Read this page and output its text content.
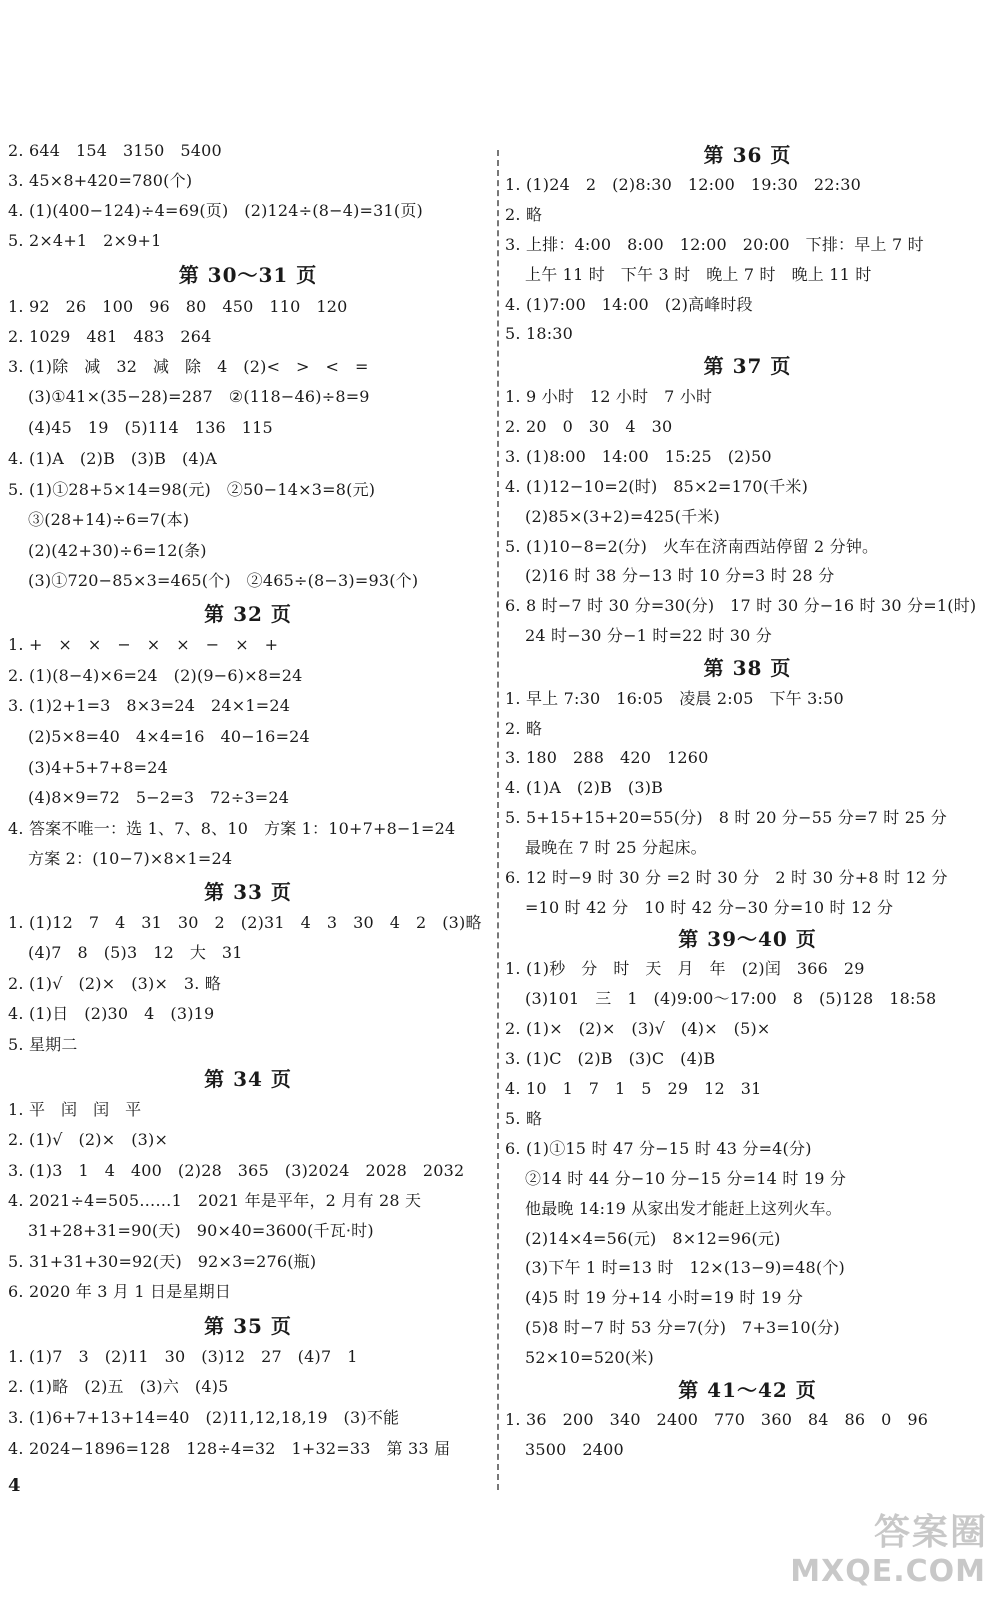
2. 644   154   3150   5400
3. 45×8+420=780(个)
4. (1)(400−124)÷4=69(页)   (2)124÷(8−4)=31(页)
5. 2×4+1   2×9+1
第 30～31 页
1. 92   26   100   96   80   450   110   120
2. 1029   481   483   264
3. (1)除   减   32   减   除   4   (2)<   >   <   =
(3)①41×(35−28)=287   ②(118−46)÷8=9
(4)45   19   (5)114   136   115
4. (1)A   (2)B   (3)B   (4)A
5. (1)①28+5×14=98(元)   ②50−14×3=8(元)
③(28+14)÷6=7(本)
(2)(42+30)÷6=12(条)
(3)①720−85×3=465(个)   ②465÷(8−3)=93(个)
第 32 页
1. +   ×   ×   −   ×   ×   −   ×   +
2. (1)(8−4)×6=24   (2)(9−6)×8=24
3. (1)2+1=3   8×3=24   24×1=24
(2)5×8=40   4×4=16   40−16=24
(3)4+5+7+8=24
(4)8×9=72   5−2=3   72÷3=24
4. 答案不唯一：选 1、7、8、10   方案 1：10+7+8−1=24
方案 2：(10−7)×8×1=24
第 33 页
1. (1)12   7   4   31   30   2   (2)31   4   3   30   4   2   (3)略
(4)7   8   (5)3   12   大   31
2. (1)√   (2)×   (3)×   3. 略
4. (1)日   (2)30   4   (3)19
5. 星期二
第 34 页
1. 平   闰   闰   平
2. (1)√   (2)×   (3)×
3. (1)3   1   4   400   (2)28   365   (3)2024   2028   2032
4. 2021÷4=505……1   2021 年是平年，2 月有 28 天
31+28+31=90(天)   90×40=3600(千瓦·时)
5. 31+31+30=92(天)   92×3=276(瓶)
6. 2020 年 3 月 1 日是星期日
第 35 页
1. (1)7   3   (2)11   30   (3)12   27   (4)7   1
2. (1)略   (2)五   (3)六   (4)5
3. (1)6+7+13+14=40   (2)11,12,18,19   (3)不能
4. 2024−1896=128   128÷4=32   1+32=33   第 33 届
4
第 36 页
1. (1)24   2   (2)8:30   12:00   19:30   22:30
2. 略
3. 上排：4:00   8:00   12:00   20:00   下排：早上 7 时
上午 11 时   下午 3 时   晚上 7 时   晚上 11 时
4. (1)7:00   14:00   (2)高峰时段
5. 18:30
第 37 页
1. 9 小时   12 小时   7 小时
2. 20   0   30   4   30
3. (1)8:00   14:00   15:25   (2)50
4. (1)12−10=2(时)   85×2=170(千米)
(2)85×(3+2)=425(千米)
5. (1)10−8=2(分)   火车在济南西站停留 2 分钟。
(2)16 时 38 分−13 时 10 分=3 时 28 分
6. 8 时−7 时 30 分=30(分)   17 时 30 分−16 时 30 分=1(时)
24 时−30 分−1 时=22 时 30 分
第 38 页
1. 早上 7:30   16:05   凌晨 2:05   下午 3:50
2. 略
3. 180   288   420   1260
4. (1)A   (2)B   (3)B
5. 5+15+15+20=55(分)   8 时 20 分−55 分=7 时 25 分
最晚在 7 时 25 分起床。
6. 12 时−9 时 30 分 =2 时 30 分   2 时 30 分+8 时 12 分
=10 时 42 分   10 时 42 分−30 分=10 时 12 分
第 39～40 页
1. (1)秒   分   时   天   月   年   (2)闰   366   29
(3)101   三   1   (4)9:00～17:00   8   (5)128   18:58
2. (1)×   (2)×   (3)√   (4)×   (5)×
3. (1)C   (2)B   (3)C   (4)B
4. 10   1   7   1   5   29   12   31
5. 略
6. (1)①15 时 47 分−15 时 43 分=4(分)
②14 时 44 分−10 分−15 分=14 时 19 分
他最晚 14:19 从家出发才能赶上这列火车。
(2)14×4=56(元)   8×12=96(元)
(3)下午 1 时=13 时   12×(13−9)=48(个)
(4)5 时 19 分+14 小时=19 时 19 分
(5)8 时−7 时 53 分=7(分)   7+3=10(分)
52×10=520(米)
第 41～42 页
1. 36   200   340   2400   770   360   84   86   0   96
3500   2400
答案圈
MXQE.COM
